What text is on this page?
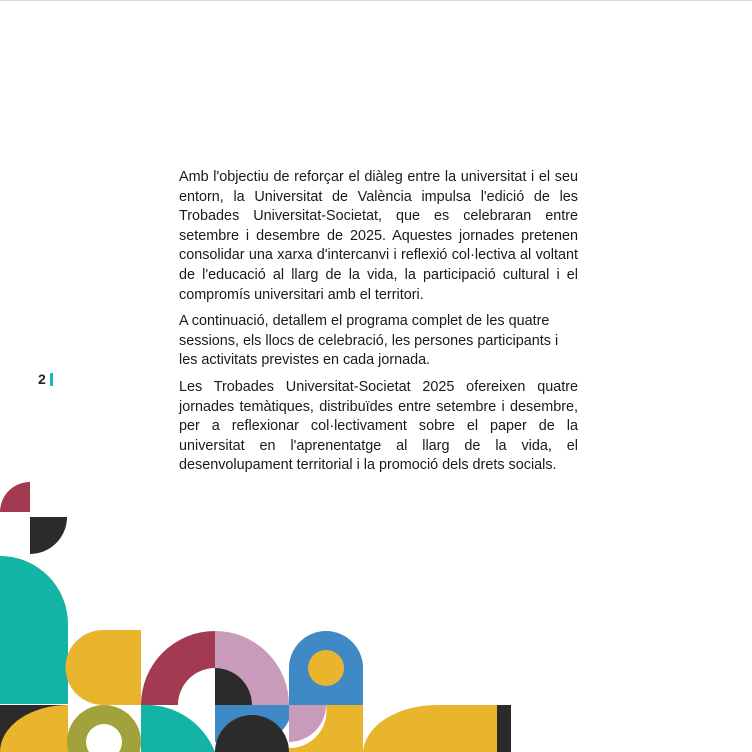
2

Amb l'objectiu de reforçar el diàleg entre la universitat i el seu entorn, la Universitat de València impulsa l'edició de les Trobades Universitat-Societat, que es celebraran entre setembre i desembre de 2025. Aquestes jornades pretenen consolidar una xarxa d'intercanvi i reflexió col·lectiva al voltant de l'educació al llarg de la vida, la participació cultural i el compromís universitari amb el territori.

A continuació, detallem el programa complet de les quatre sessions, els llocs de celebració, les persones participants i les activitats previstes en cada jornada.

Les Trobades Universitat-Societat 2025 ofereixen quatre jornades temàtiques, distribuïdes entre setembre i desembre, per a reflexionar col·lectivament sobre el paper de la universitat en l'aprenentatge al llarg de la vida, el desenvolupament territorial i la promoció dels drets socials.
